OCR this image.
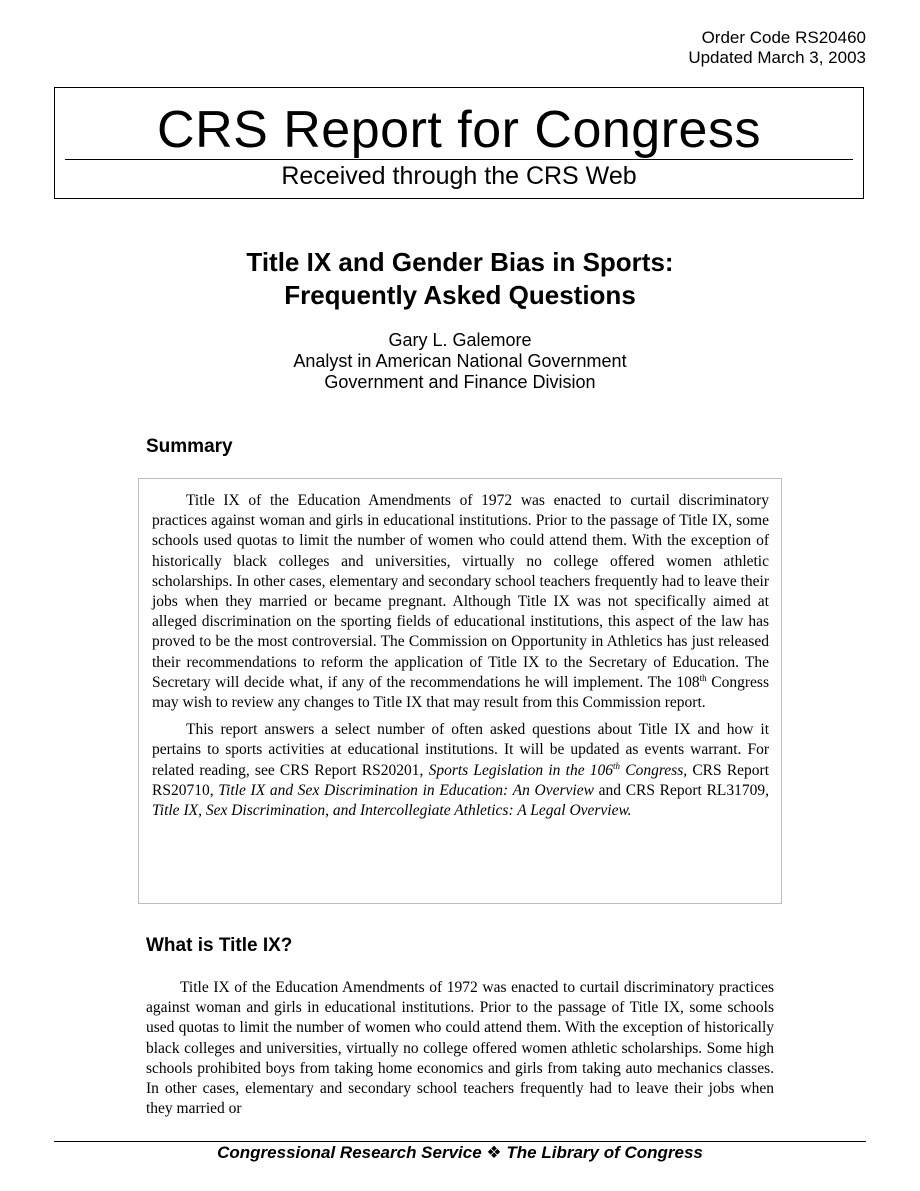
Order Code RS20460
Updated March 3, 2003
CRS Report for Congress
Received through the CRS Web
Title IX and Gender Bias in Sports:
Frequently Asked Questions
Gary L. Galemore
Analyst in American National Government
Government and Finance Division
Summary

Title IX of the Education Amendments of 1972 was enacted to curtail discriminatory practices against woman and girls in educational institutions. Prior to the passage of Title IX, some schools used quotas to limit the number of women who could attend them. With the exception of historically black colleges and universities, virtually no college offered women athletic scholarships. In other cases, elementary and secondary school teachers frequently had to leave their jobs when they married or became pregnant. Although Title IX was not specifically aimed at alleged discrimination on the sporting fields of educational institutions, this aspect of the law has proved to be the most controversial. The Commission on Opportunity in Athletics has just released their recommendations to reform the application of Title IX to the Secretary of Education. The Secretary will decide what, if any of the recommendations he will implement. The 108th Congress may wish to review any changes to Title IX that may result from this Commission report.

This report answers a select number of often asked questions about Title IX and how it pertains to sports activities at educational institutions. It will be updated as events warrant. For related reading, see CRS Report RS20201, Sports Legislation in the 106th Congress, CRS Report RS20710, Title IX and Sex Discrimination in Education: An Overview and CRS Report RL31709, Title IX, Sex Discrimination, and Intercollegiate Athletics: A Legal Overview.

What is Title IX?

Title IX of the Education Amendments of 1972 was enacted to curtail discriminatory practices against woman and girls in educational institutions. Prior to the passage of Title IX, some schools used quotas to limit the number of women who could attend them. With the exception of historically black colleges and universities, virtually no college offered women athletic scholarships. Some high schools prohibited boys from taking home economics and girls from taking auto mechanics classes. In other cases, elementary and secondary school teachers frequently had to leave their jobs when they married or

Congressional Research Service ❖ The Library of Congress
